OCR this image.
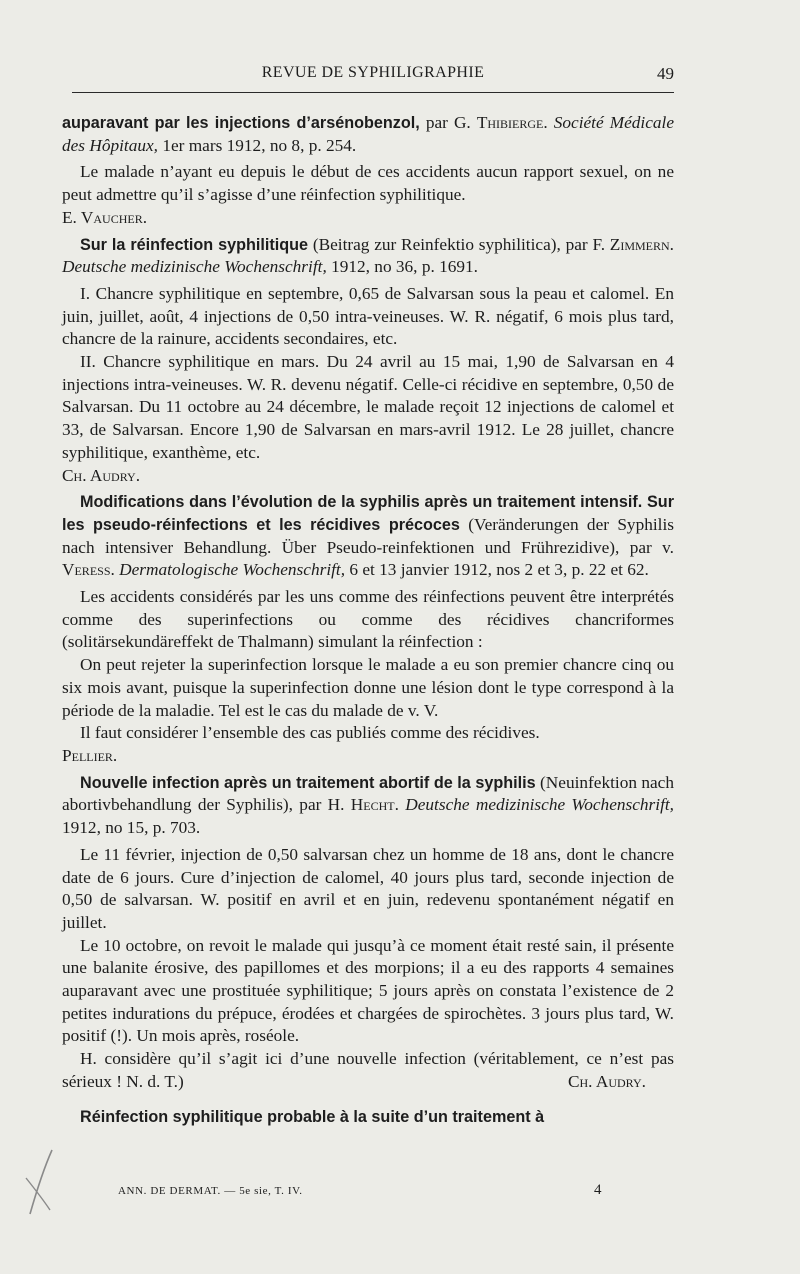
REVUE DE SYPHILIGRAPHIE	49

auparavant par les injections d’arsénobenzol, par G. Thibierge. Société Médicale des Hôpitaux, 1er mars 1912, no 8, p. 254.

Le malade n’ayant eu depuis le début de ces accidents aucun rapport sexuel, on ne peut admettre qu’il s’agisse d’une réinfection syphilitique.

E. Vaucher.

Sur la réinfection syphilitique (Beitrag zur Reinfektio syphilitica), par F. Zimmern. Deutsche medizinische Wochenschrift, 1912, no 36, p. 1691.

I. Chancre syphilitique en septembre, 0,65 de Salvarsan sous la peau et calomel. En juin, juillet, août, 4 injections de 0,50 intra-veineuses. W. R. négatif, 6 mois plus tard, chancre de la rainure, accidents secondaires, etc.

II. Chancre syphilitique en mars. Du 24 avril au 15 mai, 1,90 de Salvarsan en 4 injections intra-veineuses. W. R. devenu négatif. Celle-ci récidive en septembre, 0,50 de Salvarsan. Du 11 octobre au 24 décembre, le malade reçoit 12 injections de calomel et 33, de Salvarsan. Encore 1,90 de Salvarsan en mars-avril 1912. Le 28 juillet, chancre syphilitique, exanthème, etc.

Ch. Audry.

Modifications dans l’évolution de la syphilis après un traitement intensif. Sur les pseudo-réinfections et les récidives précoces (Veränderungen der Syphilis nach intensiver Behandlung. Über Pseudo-reinfektionen und Frührezidive), par v. Veress. Dermatologische Wochenschrift, 6 et 13 janvier 1912, nos 2 et 3, p. 22 et 62.

Les accidents considérés par les uns comme des réinfections peuvent être interprétés comme des superinfections ou comme des récidives chancriformes (solitärsekundäreffekt de Thalmann) simulant la réinfection :

On peut rejeter la superinfection lorsque le malade a eu son premier chancre cinq ou six mois avant, puisque la superinfection donne une lésion dont le type correspond à la période de la maladie. Tel est le cas du malade de v. V.

Il faut considérer l’ensemble des cas publiés comme des récidives.

Pellier.

Nouvelle infection après un traitement abortif de la syphilis (Neuinfektion nach abortivbehandlung der Syphilis), par H. Hecht. Deutsche medizinische Wochenschrift, 1912, no 15, p. 703.

Le 11 février, injection de 0,50 salvarsan chez un homme de 18 ans, dont le chancre date de 6 jours. Cure d’injection de calomel, 40 jours plus tard, seconde injection de 0,50 de salvarsan. W. positif en avril et en juin, redevenu spontanément négatif en juillet.

Le 10 octobre, on revoit le malade qui jusqu’à ce moment était resté sain, il présente une balanite érosive, des papillomes et des morpions; il a eu des rapports 4 semaines auparavant avec une prostituée syphilitique; 5 jours après on constata l’existence de 2 petites indurations du prépuce, érodées et chargées de spirochètes. 3 jours plus tard, W. positif (!). Un mois après, roséole.

H. considère qu’il s’agit ici d’une nouvelle infection (véritablement, ce n’est pas sérieux ! N. d. T.)	Ch. Audry.

Réinfection syphilitique probable à la suite d’un traitement à

ANN. DE DERMAT. — 5e sie, T. IV.	4
